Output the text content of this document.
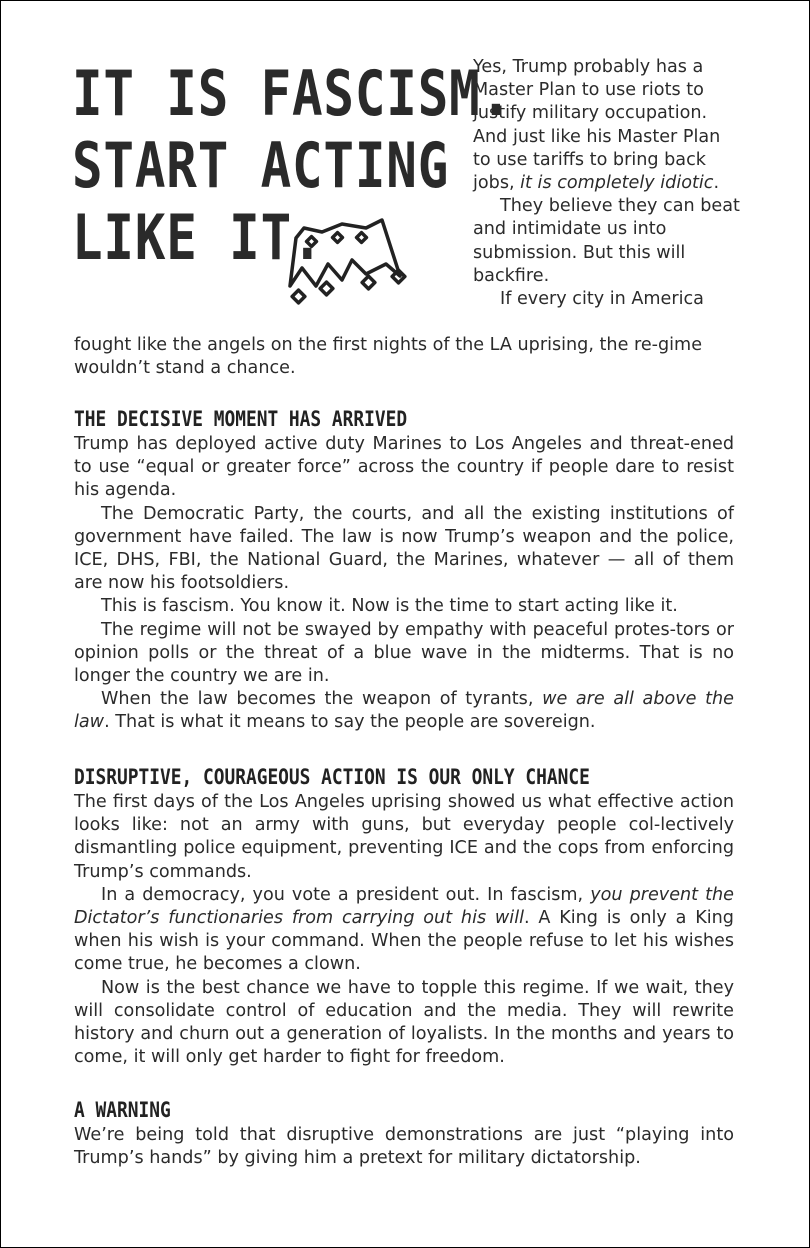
IT IS FASCISM.
START ACTING
LIKE IT.

Yes, Trump probably has a Master Plan to use riots to justify military occupation. And just like his Master Plan to use tariffs to bring back jobs, it is completely idiotic.

They believe they can beat and intimidate us into submission. But this will backfire.

If every city in America

fought like the angels on the first nights of the LA uprising, the re-gime wouldn’t stand a chance.

THE DECISIVE MOMENT HAS ARRIVED

Trump has deployed active duty Marines to Los Angeles and threat-ened to use “equal or greater force” across the country if people dare to resist his agenda.

The Democratic Party, the courts, and all the existing institutions of government have failed. The law is now Trump’s weapon and the police, ICE, DHS, FBI, the National Guard, the Marines, whatever — all of them are now his footsoldiers.

This is fascism. You know it. Now is the time to start acting like it.

The regime will not be swayed by empathy with peaceful protes-tors or opinion polls or the threat of a blue wave in the midterms. That is no longer the country we are in.

When the law becomes the weapon of tyrants, we are all above the law. That is what it means to say the people are sovereign.

DISRUPTIVE, COURAGEOUS ACTION IS OUR ONLY CHANCE

The first days of the Los Angeles uprising showed us what effective action looks like: not an army with guns, but everyday people col-lectively dismantling police equipment, preventing ICE and the cops from enforcing Trump’s commands.

In a democracy, you vote a president out. In fascism, you prevent the Dictator’s functionaries from carrying out his will. A King is only a King when his wish is your command. When the people refuse to let his wishes come true, he becomes a clown.

Now is the best chance we have to topple this regime. If we wait, they will consolidate control of education and the media. They will rewrite history and churn out a generation of loyalists. In the months and years to come, it will only get harder to fight for freedom.

A WARNING

We’re being told that disruptive demonstrations are just “playing into Trump’s hands” by giving him a pretext for military dictatorship.
